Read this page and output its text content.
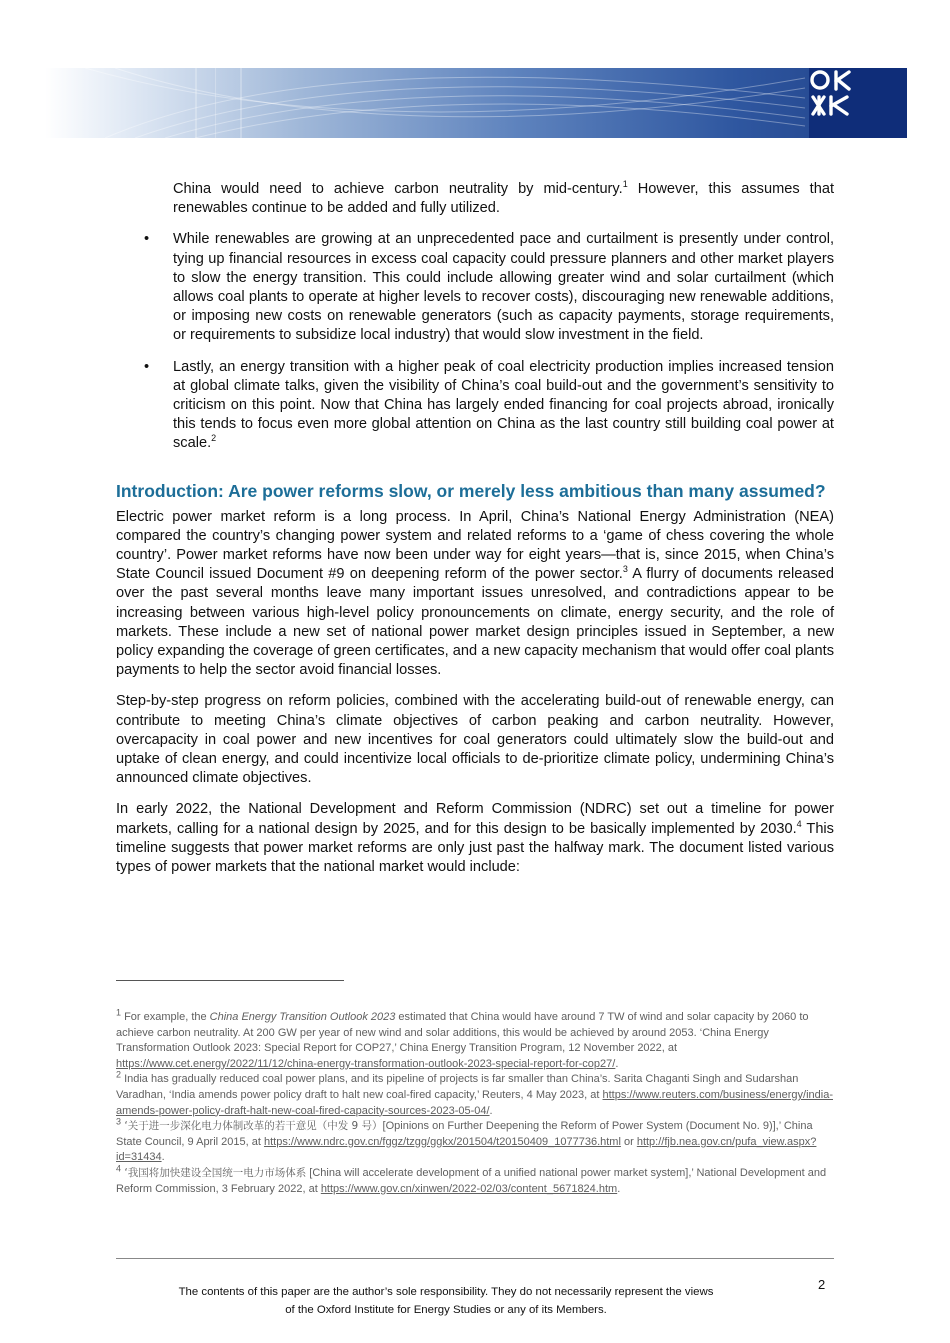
China would need to achieve carbon neutrality by mid-century.$^1$ However, this assumes that renewables continue to be added and fully utilized.

• While renewables are growing at an unprecedented pace and curtailment is presently under control, tying up financial resources in excess coal capacity could pressure planners and other market players to slow the energy transition. This could include allowing greater wind and solar curtailment (which allows coal plants to operate at higher levels to recover costs), discouraging new renewable additions, or imposing new costs on renewable generators (such as capacity payments, storage requirements, or requirements to subsidize local industry) that would slow investment in the field.
• Lastly, an energy transition with a higher peak of coal electricity production implies increased tension at global climate talks, given the visibility of China’s coal build-out and the government’s sensitivity to criticism on this point. Now that China has largely ended financing for coal projects abroad, ironically this tends to focus even more global attention on China as the last country still building coal power at scale.$^2$
Introduction: Are power reforms slow, or merely less ambitious than many assumed?

Electric power market reform is a long process. In April, China’s National Energy Administration (NEA) compared the country’s changing power system and related reforms to a ‘game of chess covering the whole country’. Power market reforms have now been under way for eight years—that is, since 2015, when China’s State Council issued Document #9 on deepening reform of the power sector.$^3$ A flurry of documents released over the past several months leave many important issues unresolved, and contradictions appear to be increasing between various high-level policy pronouncements on climate, energy security, and the role of markets. These include a new set of national power market design principles issued in September, a new policy expanding the coverage of green certificates, and a new capacity mechanism that would offer coal plants payments to help the sector avoid financial losses.

Step-by-step progress on reform policies, combined with the accelerating build-out of renewable energy, can contribute to meeting China’s climate objectives of carbon peaking and carbon neutrality. However, overcapacity in coal power and new incentives for coal generators could ultimately slow the build-out and uptake of clean energy, and could incentivize local officials to de-prioritize climate policy, undermining China’s announced climate objectives.

In early 2022, the National Development and Reform Commission (NDRC) set out a timeline for power markets, calling for a national design by 2025, and for this design to be basically implemented by 2030.$^4$ This timeline suggests that power market reforms are only just past the halfway mark. The document listed various types of power markets that the national market would include:

$^1$ For example, the China Energy Transition Outlook 2023 estimated that China would have around 7 TW of wind and solar capacity by 2060 to achieve carbon neutrality. At 200 GW per year of new wind and solar additions, this would be achieved by around 2053. ‘China Energy Transformation Outlook 2023: Special Report for COP27,’ China Energy Transition Program, 12 November 2022, at https://www.cet.energy/2022/11/12/china-energy-transformation-outlook-2023-special-report-for-cop27/.

$^2$ India has gradually reduced coal power plans, and its pipeline of projects is far smaller than China’s. Sarita Chaganti Singh and Sudarshan Varadhan, ‘India amends power policy draft to halt new coal-fired capacity,’ Reuters, 4 May 2023, at https://www.reuters.com/business/energy/india-amends-power-policy-draft-halt-new-coal-fired-capacity-sources-2023-05-04/.

$^3$ ‘关于进一步深化电力体制改革的若干意见（中发 9 号）[Opinions on Further Deepening the Reform of Power System (Document No. 9)],’ China State Council, 9 April 2015, at https://www.ndrc.gov.cn/fggz/tzgg/ggkx/201504/t20150409_1077736.html or http://fjb.nea.gov.cn/pufa_view.aspx?id=31434.

$^4$ ‘我国将加快建设全国统一电力市场体系 [China will accelerate development of a unified national power market system],’ National Development and Reform Commission, 3 February 2022, at https://www.gov.cn/xinwen/2022-02/03/content_5671824.htm.

The contents of this paper are the author’s sole responsibility. They do not necessarily represent the views
of the Oxford Institute for Energy Studies or any of its Members.
2
